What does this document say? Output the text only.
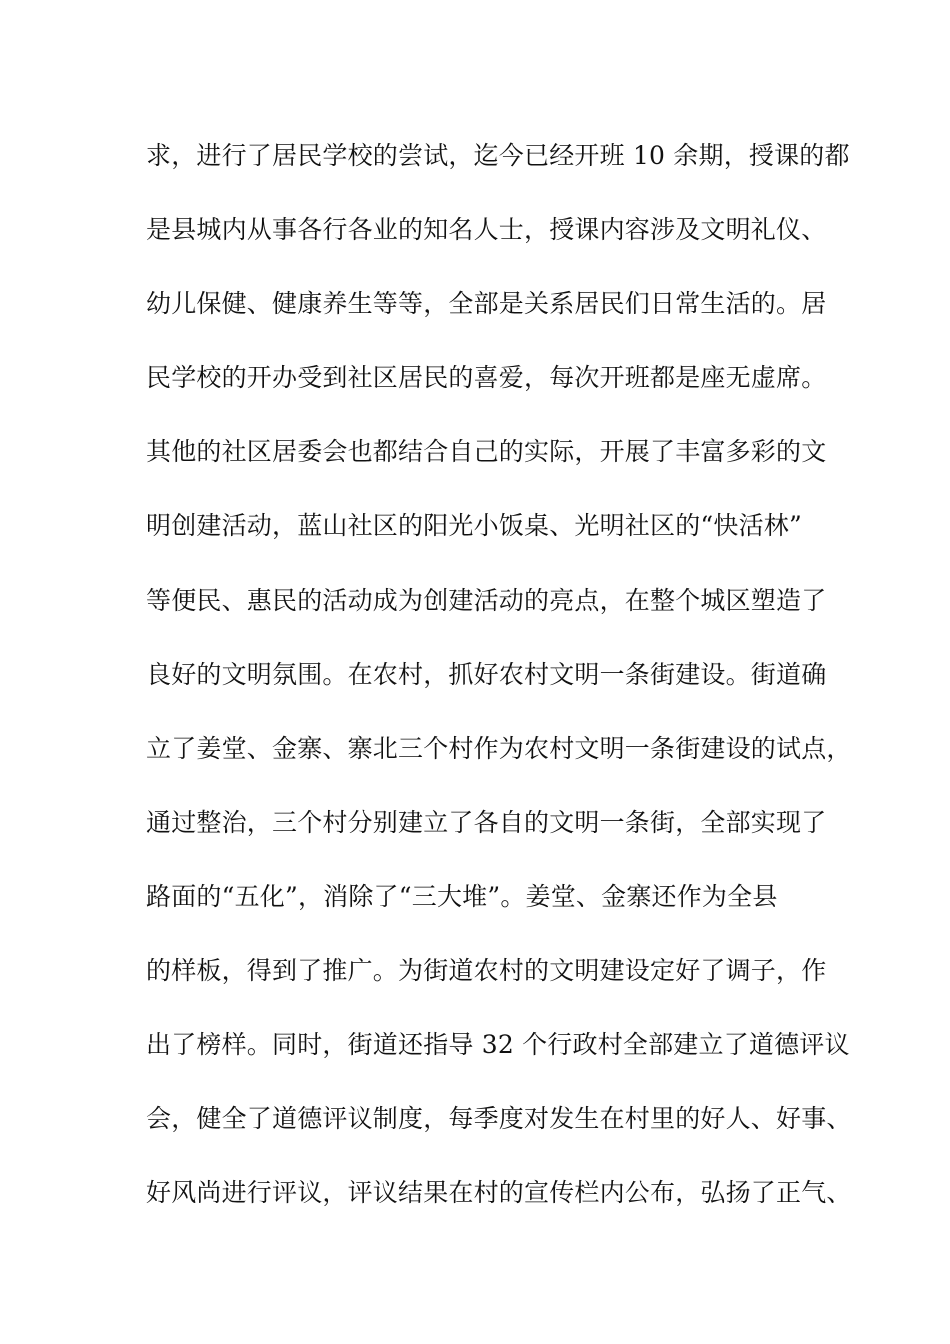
求，进行了居民学校的尝试，迄今已经开班 10 余期，授课的都
是县城内从事各行各业的知名人士，授课内容涉及文明礼仪、
幼儿保健、健康养生等等，全部是关系居民们日常生活的。居
民学校的开办受到社区居民的喜爱，每次开班都是座无虚席。
其他的社区居委会也都结合自己的实际，开展了丰富多彩的文
明创建活动，蓝山社区的阳光小饭桌、光明社区的“快活林”
等便民、惠民的活动成为创建活动的亮点，在整个城区塑造了
良好的文明氛围。在农村，抓好农村文明一条街建设。街道确
立了姜堂、金寨、寨北三个村作为农村文明一条街建设的试点，
通过整治，三个村分别建立了各自的文明一条街，全部实现了
路面的“五化”，消除了“三大堆”。姜堂、金寨还作为全县
的样板，得到了推广。为街道农村的文明建设定好了调子，作
出了榜样。同时，街道还指导 32 个行政村全部建立了道德评议
会，健全了道德评议制度，每季度对发生在村里的好人、好事、
好风尚进行评议，评议结果在村的宣传栏内公布，弘扬了正气、
